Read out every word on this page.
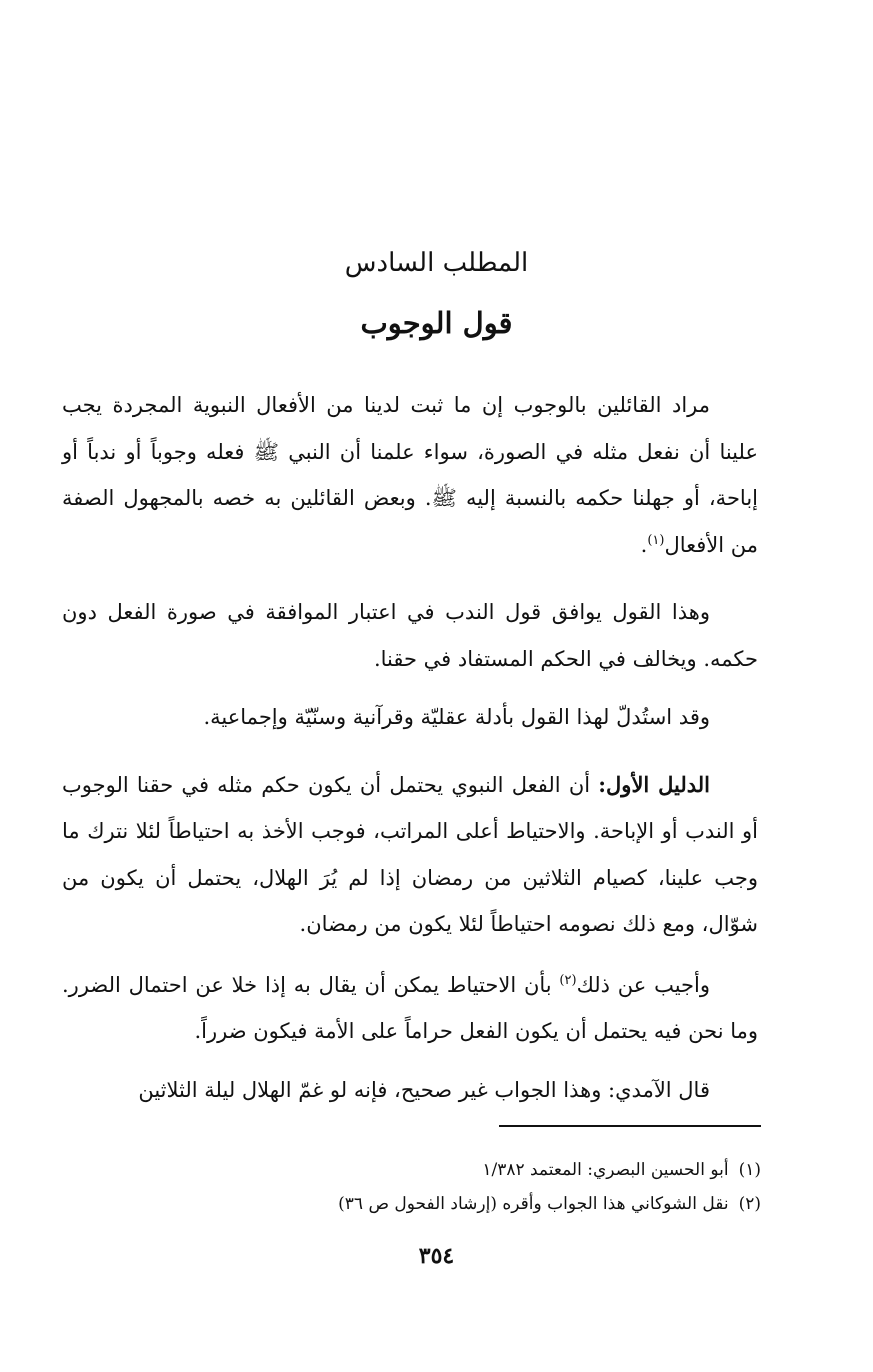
المطلب السادس
قول الوجوب

مراد القائلين بالوجوب إن ما ثبت لدينا من الأفعال النبوية المجردة يجب علينا أن نفعل مثله في الصورة، سواء علمنا أن النبي ﷺ فعله وجوباً أو ندباً أو إباحة، أو جهلنا حكمه بالنسبة إليه ﷺ. وبعض القائلين به خصه بالمجهول الصفة من الأفعال$^{(١)}$.

وهذا القول يوافق قول الندب في اعتبار الموافقة في صورة الفعل دون حكمه. ويخالف في الحكم المستفاد في حقنا.

وقد استُدلّ لهذا القول بأدلة عقليّة وقرآنية وسنّيّة وإجماعية.

الدليل الأول: أن الفعل النبوي يحتمل أن يكون حكم مثله في حقنا الوجوب أو الندب أو الإباحة. والاحتياط أعلى المراتب، فوجب الأخذ به احتياطاً لئلا نترك ما وجب علينا، كصيام الثلاثين من رمضان إذا لم يُرَ الهلال، يحتمل أن يكون من شوّال، ومع ذلك نصومه احتياطاً لئلا يكون من رمضان.

وأجيب عن ذلك$^{(٢)}$ بأن الاحتياط يمكن أن يقال به إذا خلا عن احتمال الضرر. وما نحن فيه يحتمل أن يكون الفعل حراماً على الأمة فيكون ضرراً.

قال الآمدي: وهذا الجواب غير صحيح، فإنه لو غمّ الهلال ليلة الثلاثين

(١)أبو الحسين البصري: المعتمد ١/٣٨٢

(٢)نقل الشوكاني هذا الجواب وأقره (إرشاد الفحول ص ٣٦)

٣٥٤
